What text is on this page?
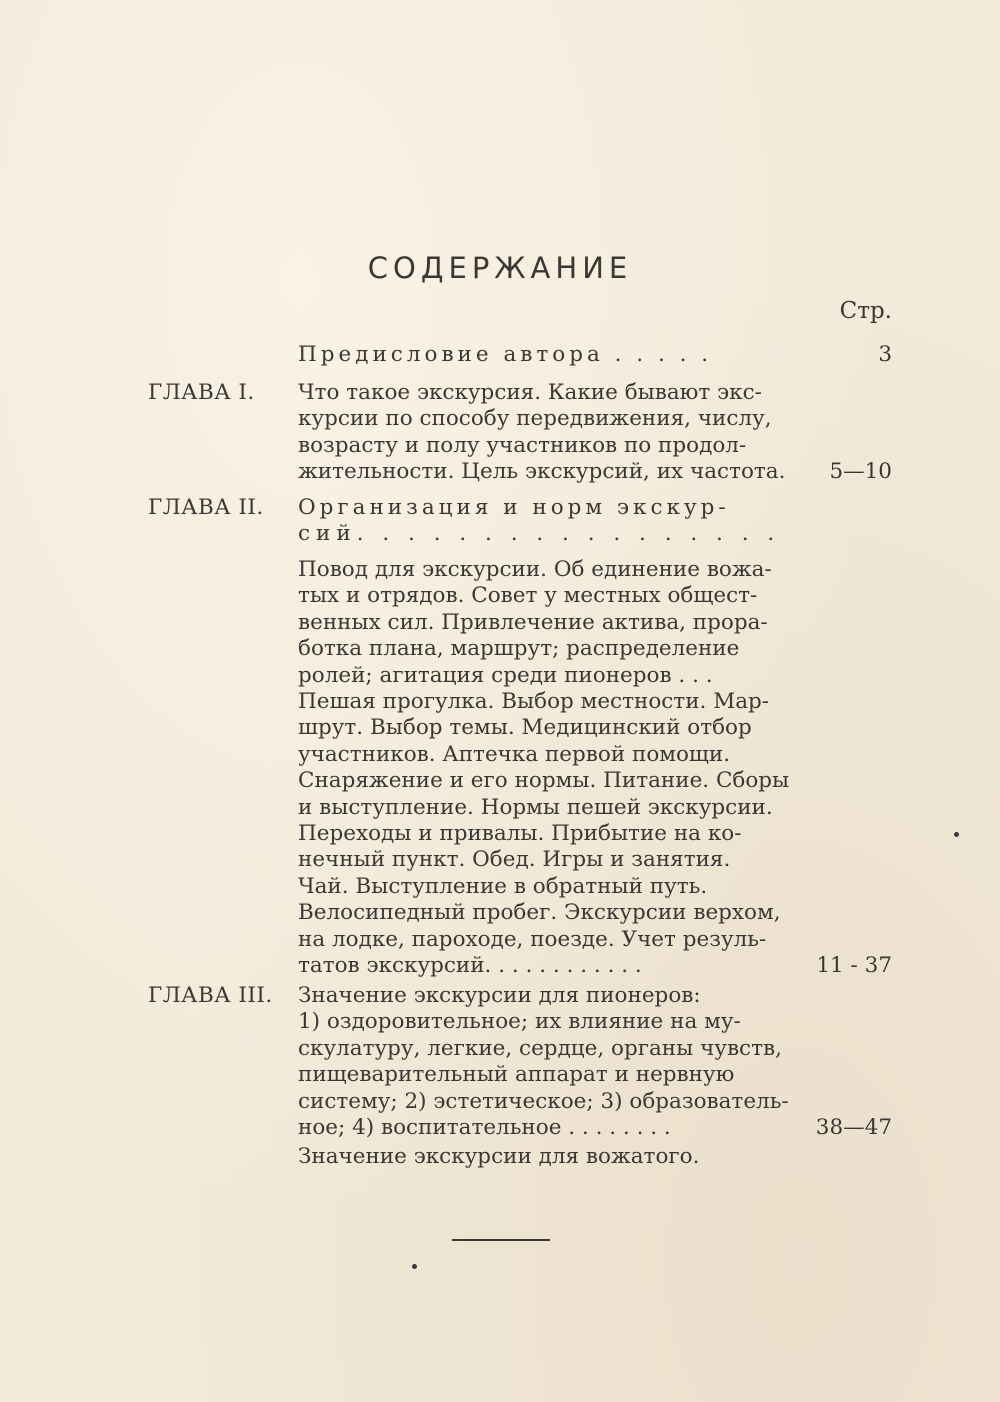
СОДЕРЖАНИЕ
Стр.
Предисловие автора . . . . .	3
ГЛАВА I. Что такое экскурсия. Какие бывают экс-
курсии по способу передвижения, числу,
возрасту и полу участников по продол-
жительности. Цель экскурсий, их частота.	5—10
ГЛАВА II. Организация и норм экскур-
сий. . . . . . . . . . . . . . . . .
Повод для экскурсии. Об единение вожа-
тых и отрядов. Совет у местных общест-
венных сил. Привлечение актива, прора-
ботка плана, маршрут; распределение
ролей; агитация среди пионеров . . .
Пешая прогулка. Выбор местности. Мар-
шрут. Выбор темы. Медицинский отбор
участников. Аптечка первой помощи.
Снаряжение и его нормы. Питание. Сборы
и выступление. Нормы пешей экскурсии.
Переходы и привалы. Прибытие на ко-
нечный пункт. Обед. Игры и занятия.
Чай. Выступление в обратный путь.
Велосипедный пробег. Экскурсии верхом,
на лодке, пароходе, поезде. Учет резуль-
татов экскурсий. . . . . . . . . . . .	11 - 37
ГЛАВА III. Значение экскурсии для пионеров:
1) оздоровительное; их влияние на му-
скулатуру, легкие, сердце, органы чувств,
пищеварительный аппарат и нервную
систему; 2) эстетическое; 3) образователь-
ное; 4) воспитательное . . . . . . . .	38—47
Значение экскурсии для вожатого.
